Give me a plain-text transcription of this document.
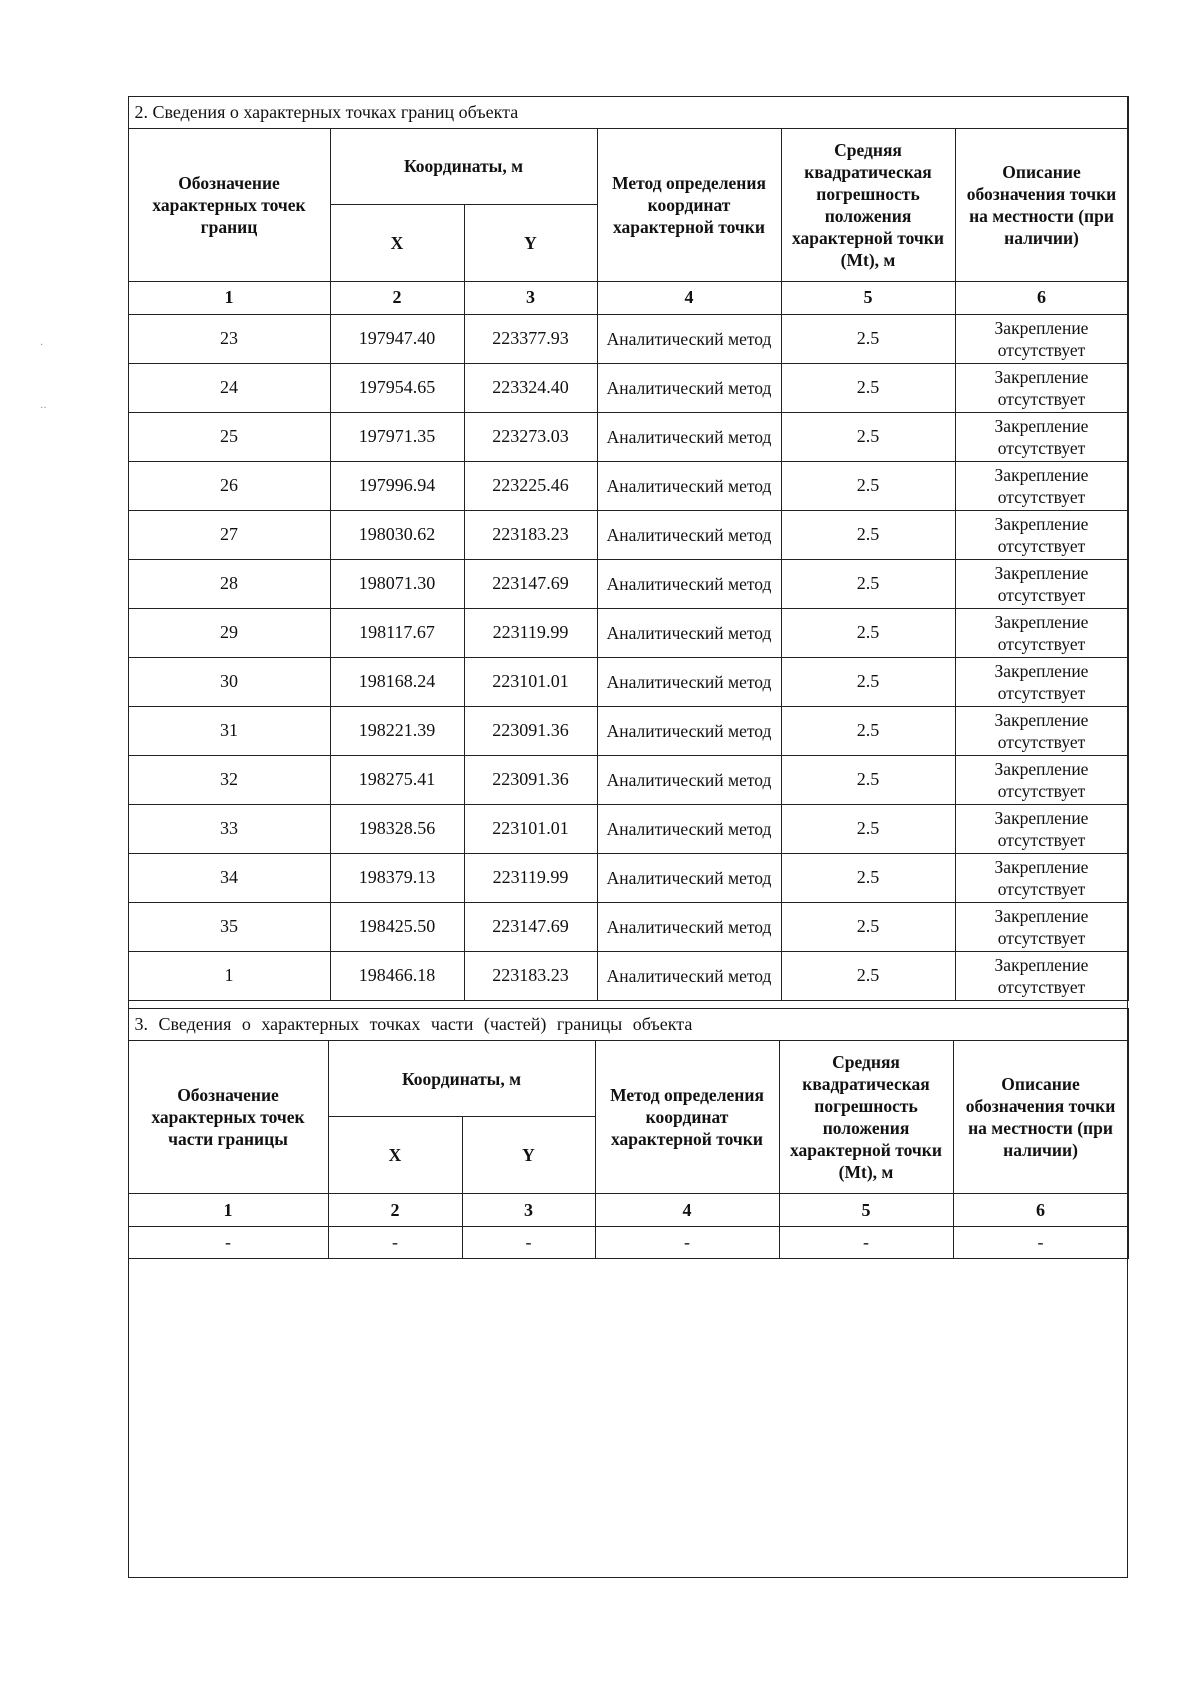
·
··
2. Сведения о характерных точках границ объекта					
Обозначение характерных точек границ	Координаты, м		Метод определения координат характерной точки	Средняя квадратическая погрешность положения характерной точки (Mt), м	Описание обозначения точки на местности (при наличии)
	X	Y			
1	2	3	4	5	6
23	197947.40	223377.93	Аналитический метод	2.5	Закрепление отсутствует
24	197954.65	223324.40	Аналитический метод	2.5	Закрепление отсутствует
25	197971.35	223273.03	Аналитический метод	2.5	Закрепление отсутствует
26	197996.94	223225.46	Аналитический метод	2.5	Закрепление отсутствует
27	198030.62	223183.23	Аналитический метод	2.5	Закрепление отсутствует
28	198071.30	223147.69	Аналитический метод	2.5	Закрепление отсутствует
29	198117.67	223119.99	Аналитический метод	2.5	Закрепление отсутствует
30	198168.24	223101.01	Аналитический метод	2.5	Закрепление отсутствует
31	198221.39	223091.36	Аналитический метод	2.5	Закрепление отсутствует
32	198275.41	223091.36	Аналитический метод	2.5	Закрепление отсутствует
33	198328.56	223101.01	Аналитический метод	2.5	Закрепление отсутствует
34	198379.13	223119.99	Аналитический метод	2.5	Закрепление отсутствует
35	198425.50	223147.69	Аналитический метод	2.5	Закрепление отсутствует
1	198466.18	223183.23	Аналитический метод	2.5	Закрепление отсутствует
3. Сведения о характерных точках части (частей) границы объекта					
Обозначение характерных точек части границы	Координаты, м		Метод определения координат характерной точки	Средняя квадратическая погрешность положения характерной точки (Mt), м	Описание обозначения точки на местности (при наличии)
	X	Y			
1	2	3	4	5	6
-	-	-	-	-	-
